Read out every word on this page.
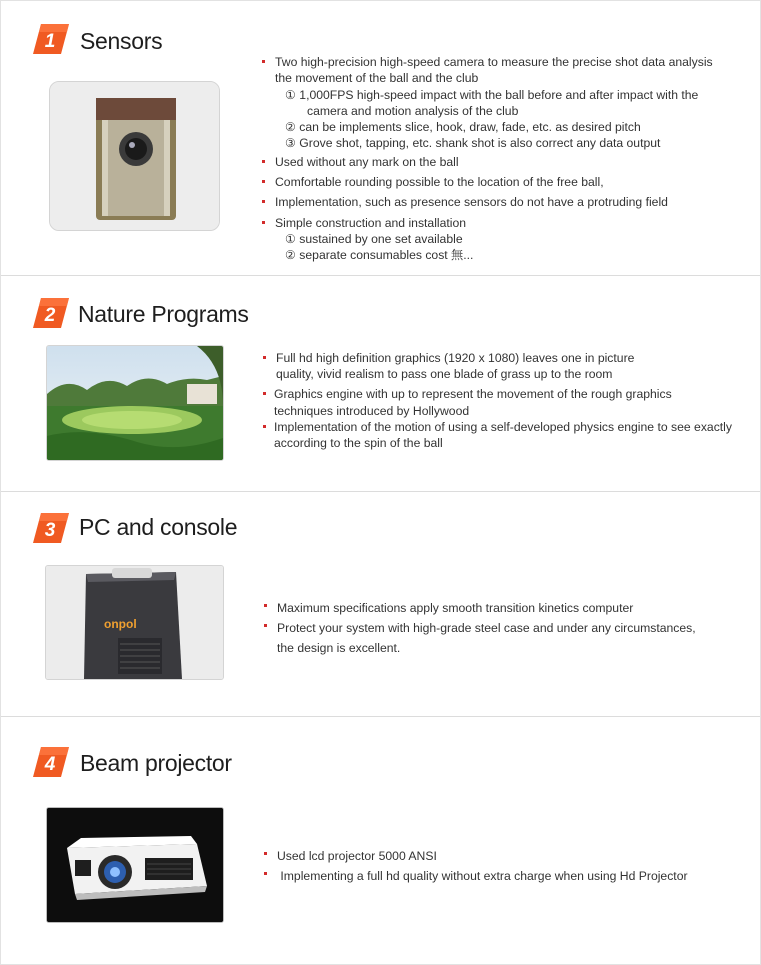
1 Sensors
Two high-precision high-speed camera to measure the precise shot data analysis
the movement of the ball and the club
① 1,000FPS high-speed impact with the ball before and after impact with the
camera and motion analysis of the club
② can be implements slice, hook, draw, fade, etc. as desired pitch
③ Grove shot, tapping, etc. shank shot is also correct any data output
Used without any mark on the ball
Comfortable rounding possible to the location of the free ball,
Implementation, such as presence sensors do not have a protruding field
Simple construction and installation
① sustained by one set available
② separate consumables cost 無...
2 Nature Programs
Full hd high definition graphics (1920 x 1080) leaves one in picture
quality, vivid realism to pass one blade of grass up to the room
Graphics engine with up to represent the movement of the rough graphics
techniques introduced by Hollywood
Implementation of the motion of using a self-developed physics engine to see exactly
according to the spin of the ball
3 PC and console
onpol
Maximum specifications apply smooth transition kinetics computer
Protect your system with high-grade steel case and under any circumstances,
the design is excellent.
4 Beam projector
Used lcd projector 5000 ANSI
Implementing a full hd quality without extra charge when using Hd Projector
